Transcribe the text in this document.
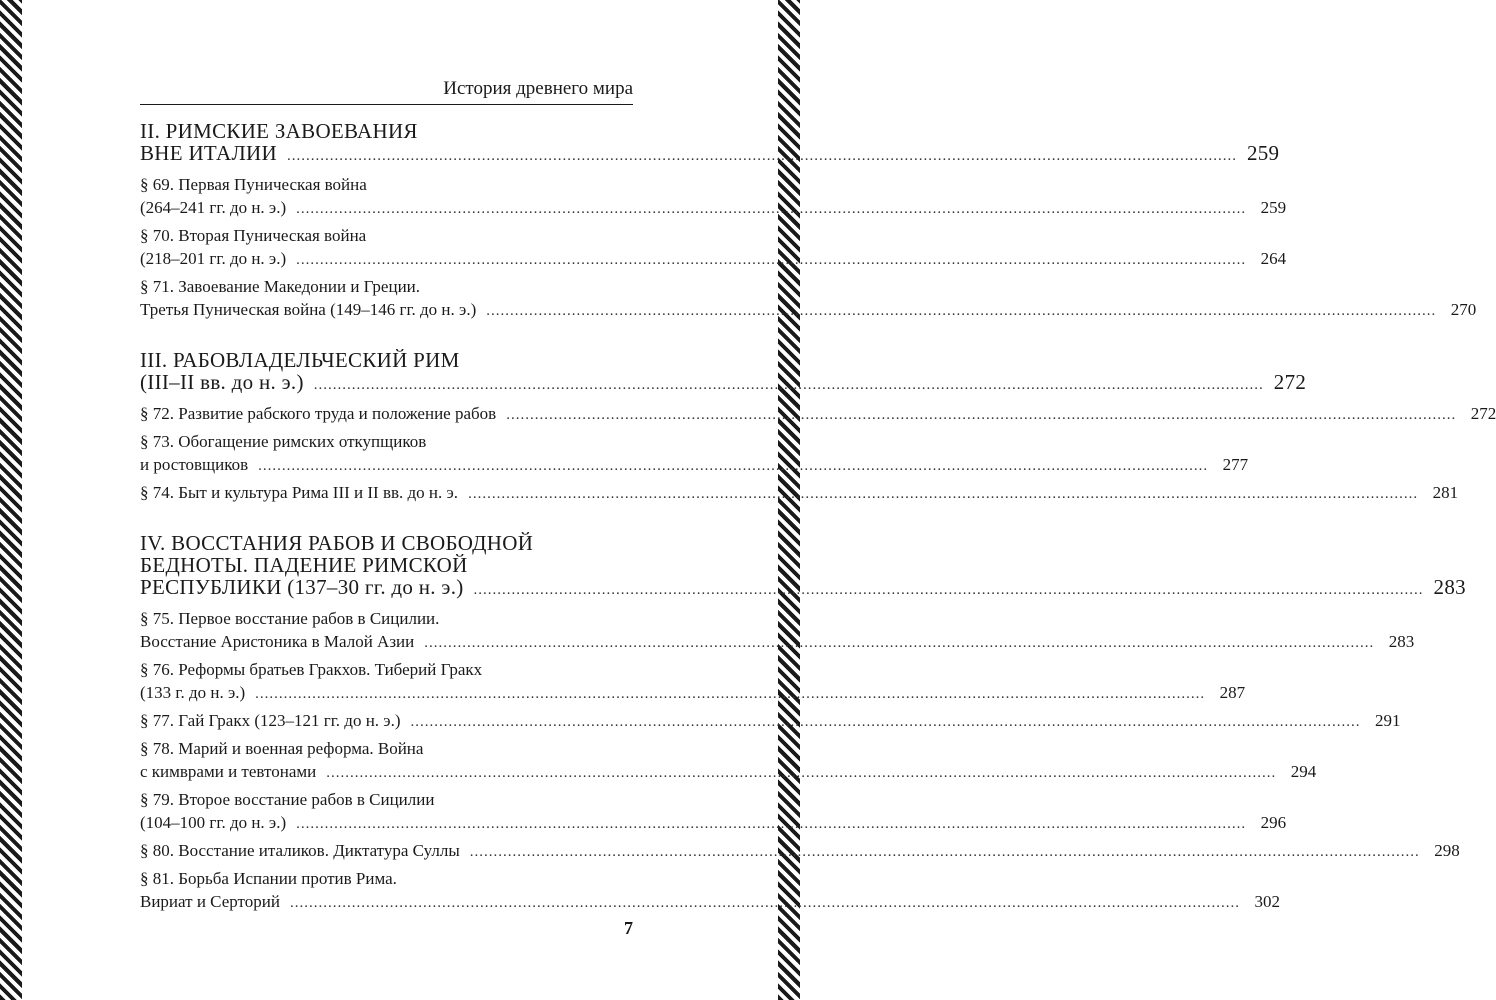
История древнего мира
II. РИМСКИЕ ЗАВОЕВАНИЯ
ВНЕ ИТАЛИИ ........................................................................................................................................................................................................ 259
§ 69. Первая Пуническая война
(264–241 гг. до н. э.) ........................................................................................................................................................................................................ 259
§ 70. Вторая Пуническая война
(218–201 гг. до н. э.) ........................................................................................................................................................................................................ 264
§ 71. Завоевание Македонии и Греции.
Третья Пуническая война (149–146 гг. до н. э.) ........................................................................................................................................................................................................ 270
III. РАБОВЛАДЕЛЬЧЕСКИЙ РИМ
(III–II вв. до н. э.) ........................................................................................................................................................................................................ 272
§ 72. Развитие рабского труда и положение рабов ........................................................................................................................................................................................................ 272
§ 73. Обогащение римских откупщиков
и ростовщиков ........................................................................................................................................................................................................ 277
§ 74. Быт и культура Рима III и II вв. до н. э. ........................................................................................................................................................................................................ 281
IV. ВОССТАНИЯ РАБОВ И СВОБОДНОЙ
БЕДНОТЫ. ПАДЕНИЕ РИМСКОЙ
РЕСПУБЛИКИ (137–30 гг. до н. э.) ........................................................................................................................................................................................................ 283
§ 75. Первое восстание рабов в Сицилии.
Восстание Аристоника в Малой Азии ........................................................................................................................................................................................................ 283
§ 76. Реформы братьев Гракхов. Тиберий Гракх
(133 г. до н. э.) ........................................................................................................................................................................................................ 287
§ 77. Гай Гракх (123–121 гг. до н. э.) ........................................................................................................................................................................................................ 291
§ 78. Марий и военная реформа. Война
с кимврами и тевтонами ........................................................................................................................................................................................................ 294
§ 79. Второе восстание рабов в Сицилии
(104–100 гг. до н. э.) ........................................................................................................................................................................................................ 296
§ 80. Восстание италиков. Диктатура Суллы ........................................................................................................................................................................................................ 298
§ 81. Борьба Испании против Рима.
Вириат и Серторий ........................................................................................................................................................................................................ 302
7
